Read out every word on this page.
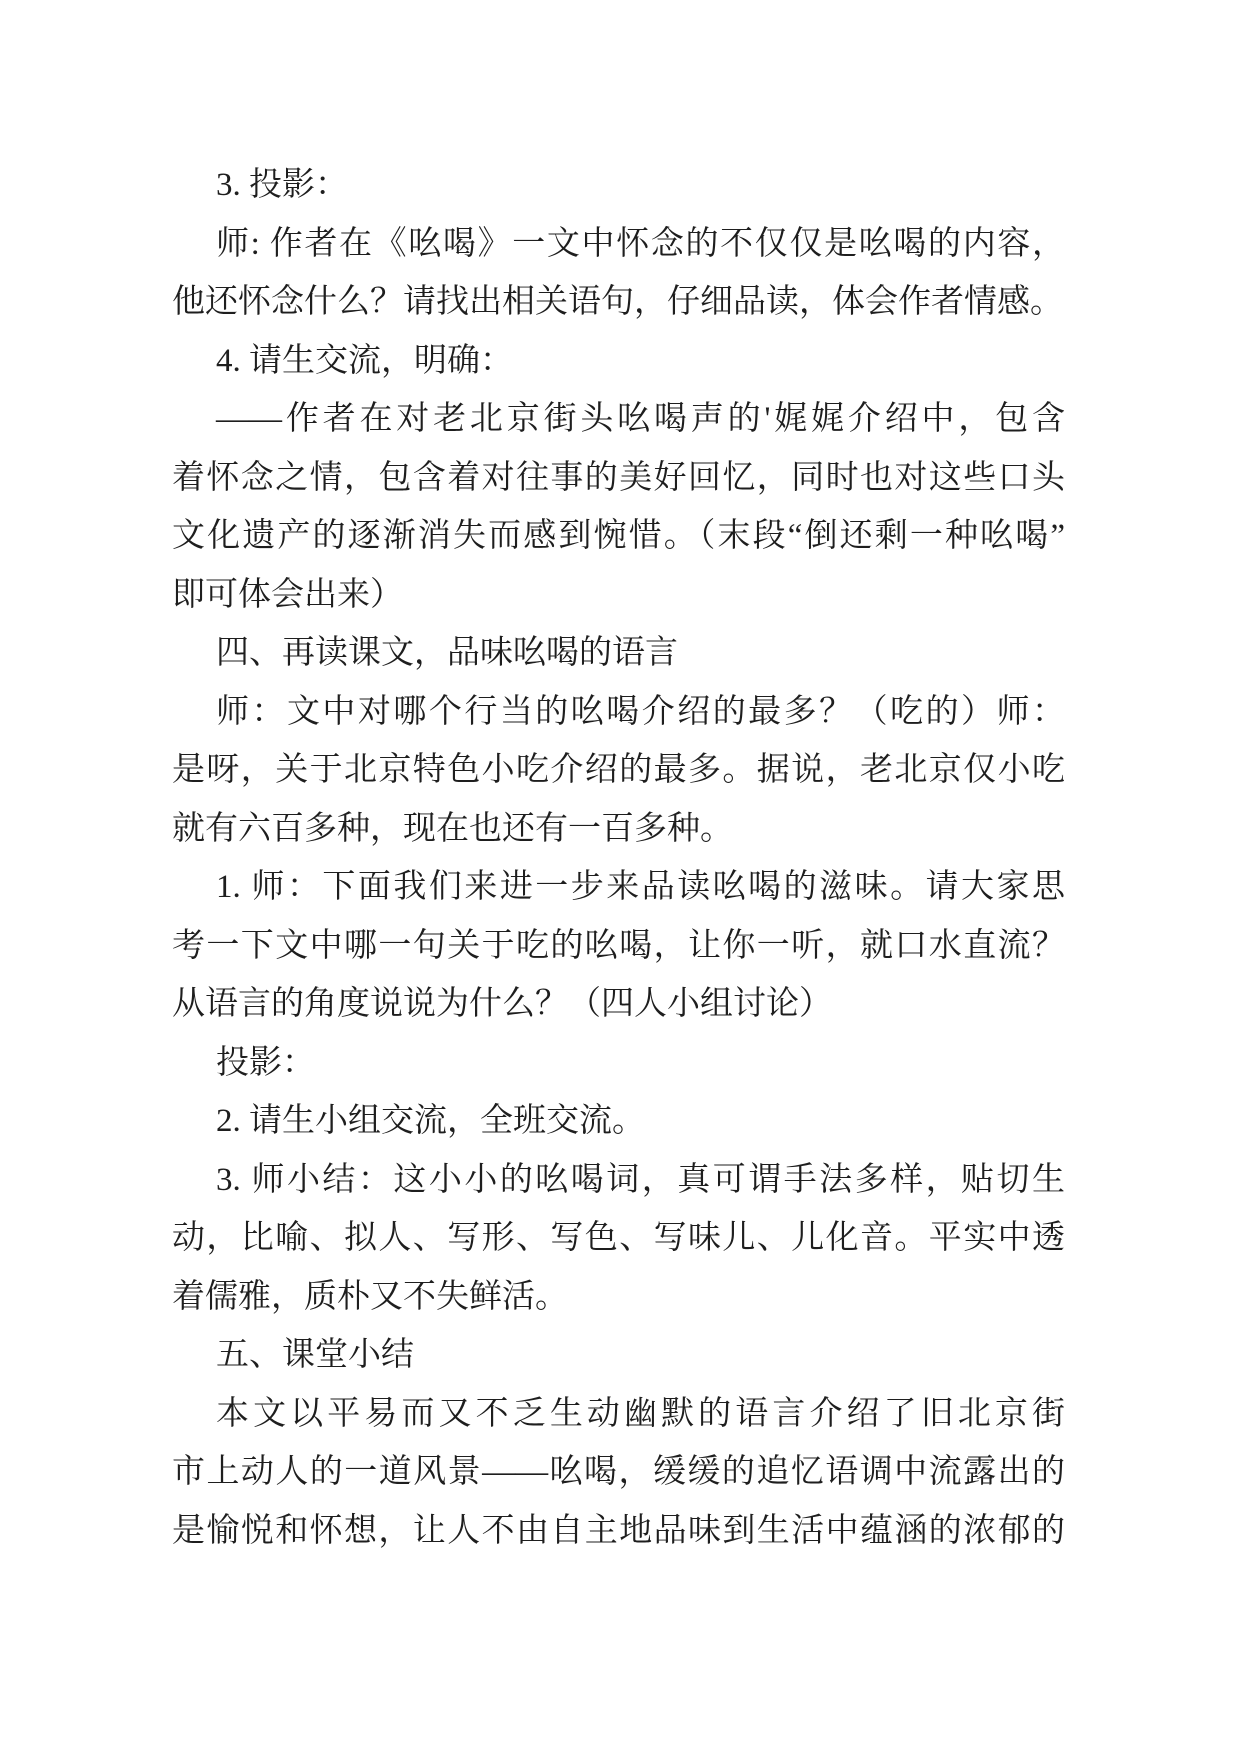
3. 投影：
师: 作者在《吆喝》一文中怀念的不仅仅是吆喝的内容，
他还怀念什么？请找出相关语句，仔细品读，体会作者情感。
4. 请生交流，明确：
——作者在对老北京街头吆喝声的'娓娓介绍中，包含
着怀念之情，包含着对往事的美好回忆，同时也对这些口头
文化遗产的逐渐消失而感到惋惜。（末段“倒还剩一种吆喝”
即可体会出来）
四、再读课文，品味吆喝的语言
师：文中对哪个行当的吆喝介绍的最多？（吃的）师：
是呀，关于北京特色小吃介绍的最多。据说，老北京仅小吃
就有六百多种，现在也还有一百多种。
1. 师：下面我们来进一步来品读吆喝的滋味。请大家思
考一下文中哪一句关于吃的吆喝，让你一听，就口水直流？
从语言的角度说说为什么？（四人小组讨论）
投影：
2. 请生小组交流，全班交流。
3. 师小结：这小小的吆喝词，真可谓手法多样，贴切生
动，比喻、拟人、写形、写色、写味儿、儿化音。平实中透
着儒雅，质朴又不失鲜活。
五、课堂小结
本文以平易而又不乏生动幽默的语言介绍了旧北京街
市上动人的一道风景——吆喝，缓缓的追忆语调中流露出的
是愉悦和怀想，让人不由自主地品味到生活中蕴涵的浓郁的
